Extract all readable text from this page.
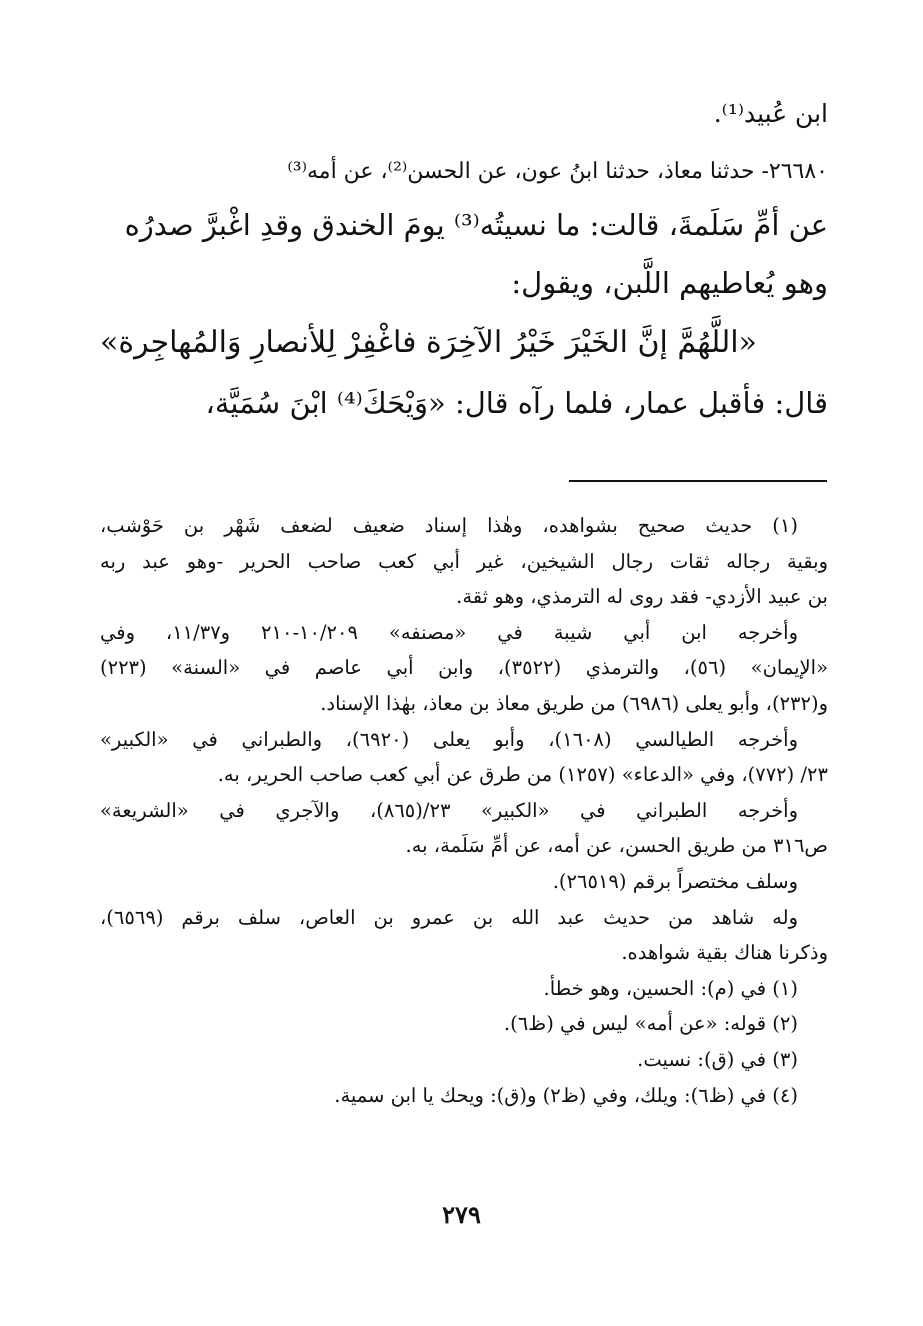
ابن عُبيد⁽¹⁾.
٢٦٦٨٠- حدثنا معاذ، حدثنا ابنُ عون، عن الحسن⁽²⁾، عن أمه⁽³⁾
عن أمِّ سَلَمةَ، قالت: ما نسيتُه⁽³⁾ يومَ الخندق وقدِ اغْبرَّ صدرُه
وهو يُعاطيهم اللَّبن، ويقول:
«اللَّهُمَّ إنَّ الخَيْرَ خَيْرُ الآخِرَة فاغْفِرْ لِلأنصارِ وَالمُهاجِرة»
قال: فأقبل عمار، فلما رآه قال: «وَيْحَكَ⁽⁴⁾ ابْنَ سُمَيَّة،
(١) حديث صحيح بشواهده، وهٰذا إسناد ضعيف لضعف شَهْر بن حَوْشب،
وبقية رجاله ثقات رجال الشيخين، غير أبي كعب صاحب الحرير -وهو عبد ربه
بن عبيد الأزدي- فقد روى له الترمذي، وهو ثقة.
وأخرجه ابن أبي شيبة في «مصنفه» ١٠/٢٠٩-٢١٠ و١١/٣٧، وفي
«الإيمان» (٥٦)، والترمذي (٣٥٢٢)، وابن أبي عاصم في «السنة» (٢٢٣)
و(٢٣٢)، وأبو يعلى (٦٩٨٦) من طريق معاذ بن معاذ، بهٰذا الإسناد.
وأخرجه الطيالسي (١٦٠٨)، وأبو يعلى (٦٩٢٠)، والطبراني في «الكبير»
٢٣/ (٧٧٢)، وفي «الدعاء» (١٢٥٧) من طرق عن أبي كعب صاحب الحرير، به.
وأخرجه الطبراني في «الكبير» ٢٣/(٨٦٥)، والآجري في «الشريعة»
ص٣١٦ من طريق الحسن، عن أمه، عن أمِّ سَلَمة، به.
وسلف مختصراً برقم (٢٦٥١٩).
وله شاهد من حديث عبد الله بن عمرو بن العاص، سلف برقم (٦٥٦٩)،
وذكرنا هناك بقية شواهده.
(١) في (م): الحسين، وهو خطأ.
(٢) قوله: «عن أمه» ليس في (ظ٦).
(٣) في (ق): نسيت.
(٤) في (ظ٦): ويلك، وفي (ظ٢) و(ق): ويحك يا ابن سمية.
٢٧٩
